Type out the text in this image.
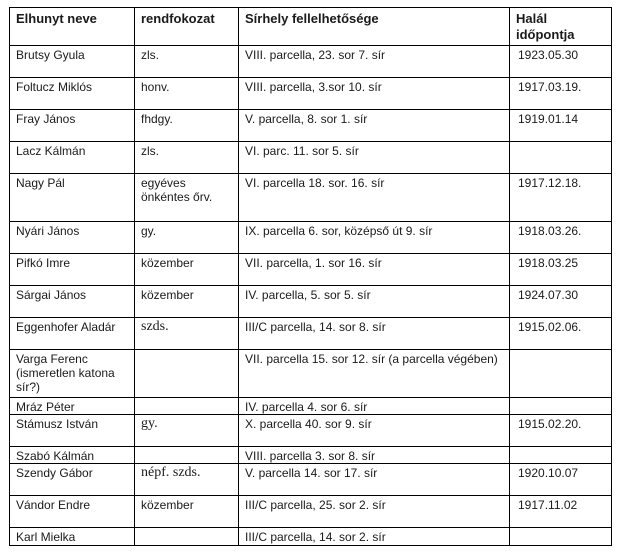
Elhunyt neve	rendfokozat	Sírhely fellelhetősége	Halál időpontja
Brutsy Gyula	zls.	VIII. parcella, 23. sor 7. sír	1923.05.30
Foltucz Miklós	honv.	VIII. parcella, 3.sor 10. sír	1917.03.19.
Fray János	fhdgy.	V. parcella, 8. sor 1. sír	1919.01.14
Lacz Kálmán	zls.	VI. parc. 11. sor 5. sír	
Nagy Pál	egyéves önkéntes őrv.	VI. parcella 18. sor. 16. sír	1917.12.18.
Nyári János	gy.	IX. parcella 6. sor, középső út 9. sír	1918.03.26.
Pifkó Imre	közember	VII. parcella, 1. sor 16. sír	1918.03.25
Sárgai János	közember	IV. parcella, 5. sor 5. sír	1924.07.30
Eggenhofer Aladár	szds.	III/C parcella, 14. sor 8. sír	1915.02.06.
Varga Ferenc (ismeretlen katona sír?)		VII. parcella 15. sor 12. sír (a parcella végében)	
Mráz Péter		IV. parcella 4. sor 6. sír	
Stámusz István	gy.	X. parcella 40. sor 9. sír	1915.02.20.
Szabó Kálmán		VIII. parcella 3. sor 8. sír	
Szendy Gábor	népf. szds.	V. parcella 14. sor 17. sír	1920.10.07
Vándor Endre	közember	III/C parcella, 25. sor 2. sír	1917.11.02
Karl Mielka		III/C parcella, 14. sor 2. sír	
